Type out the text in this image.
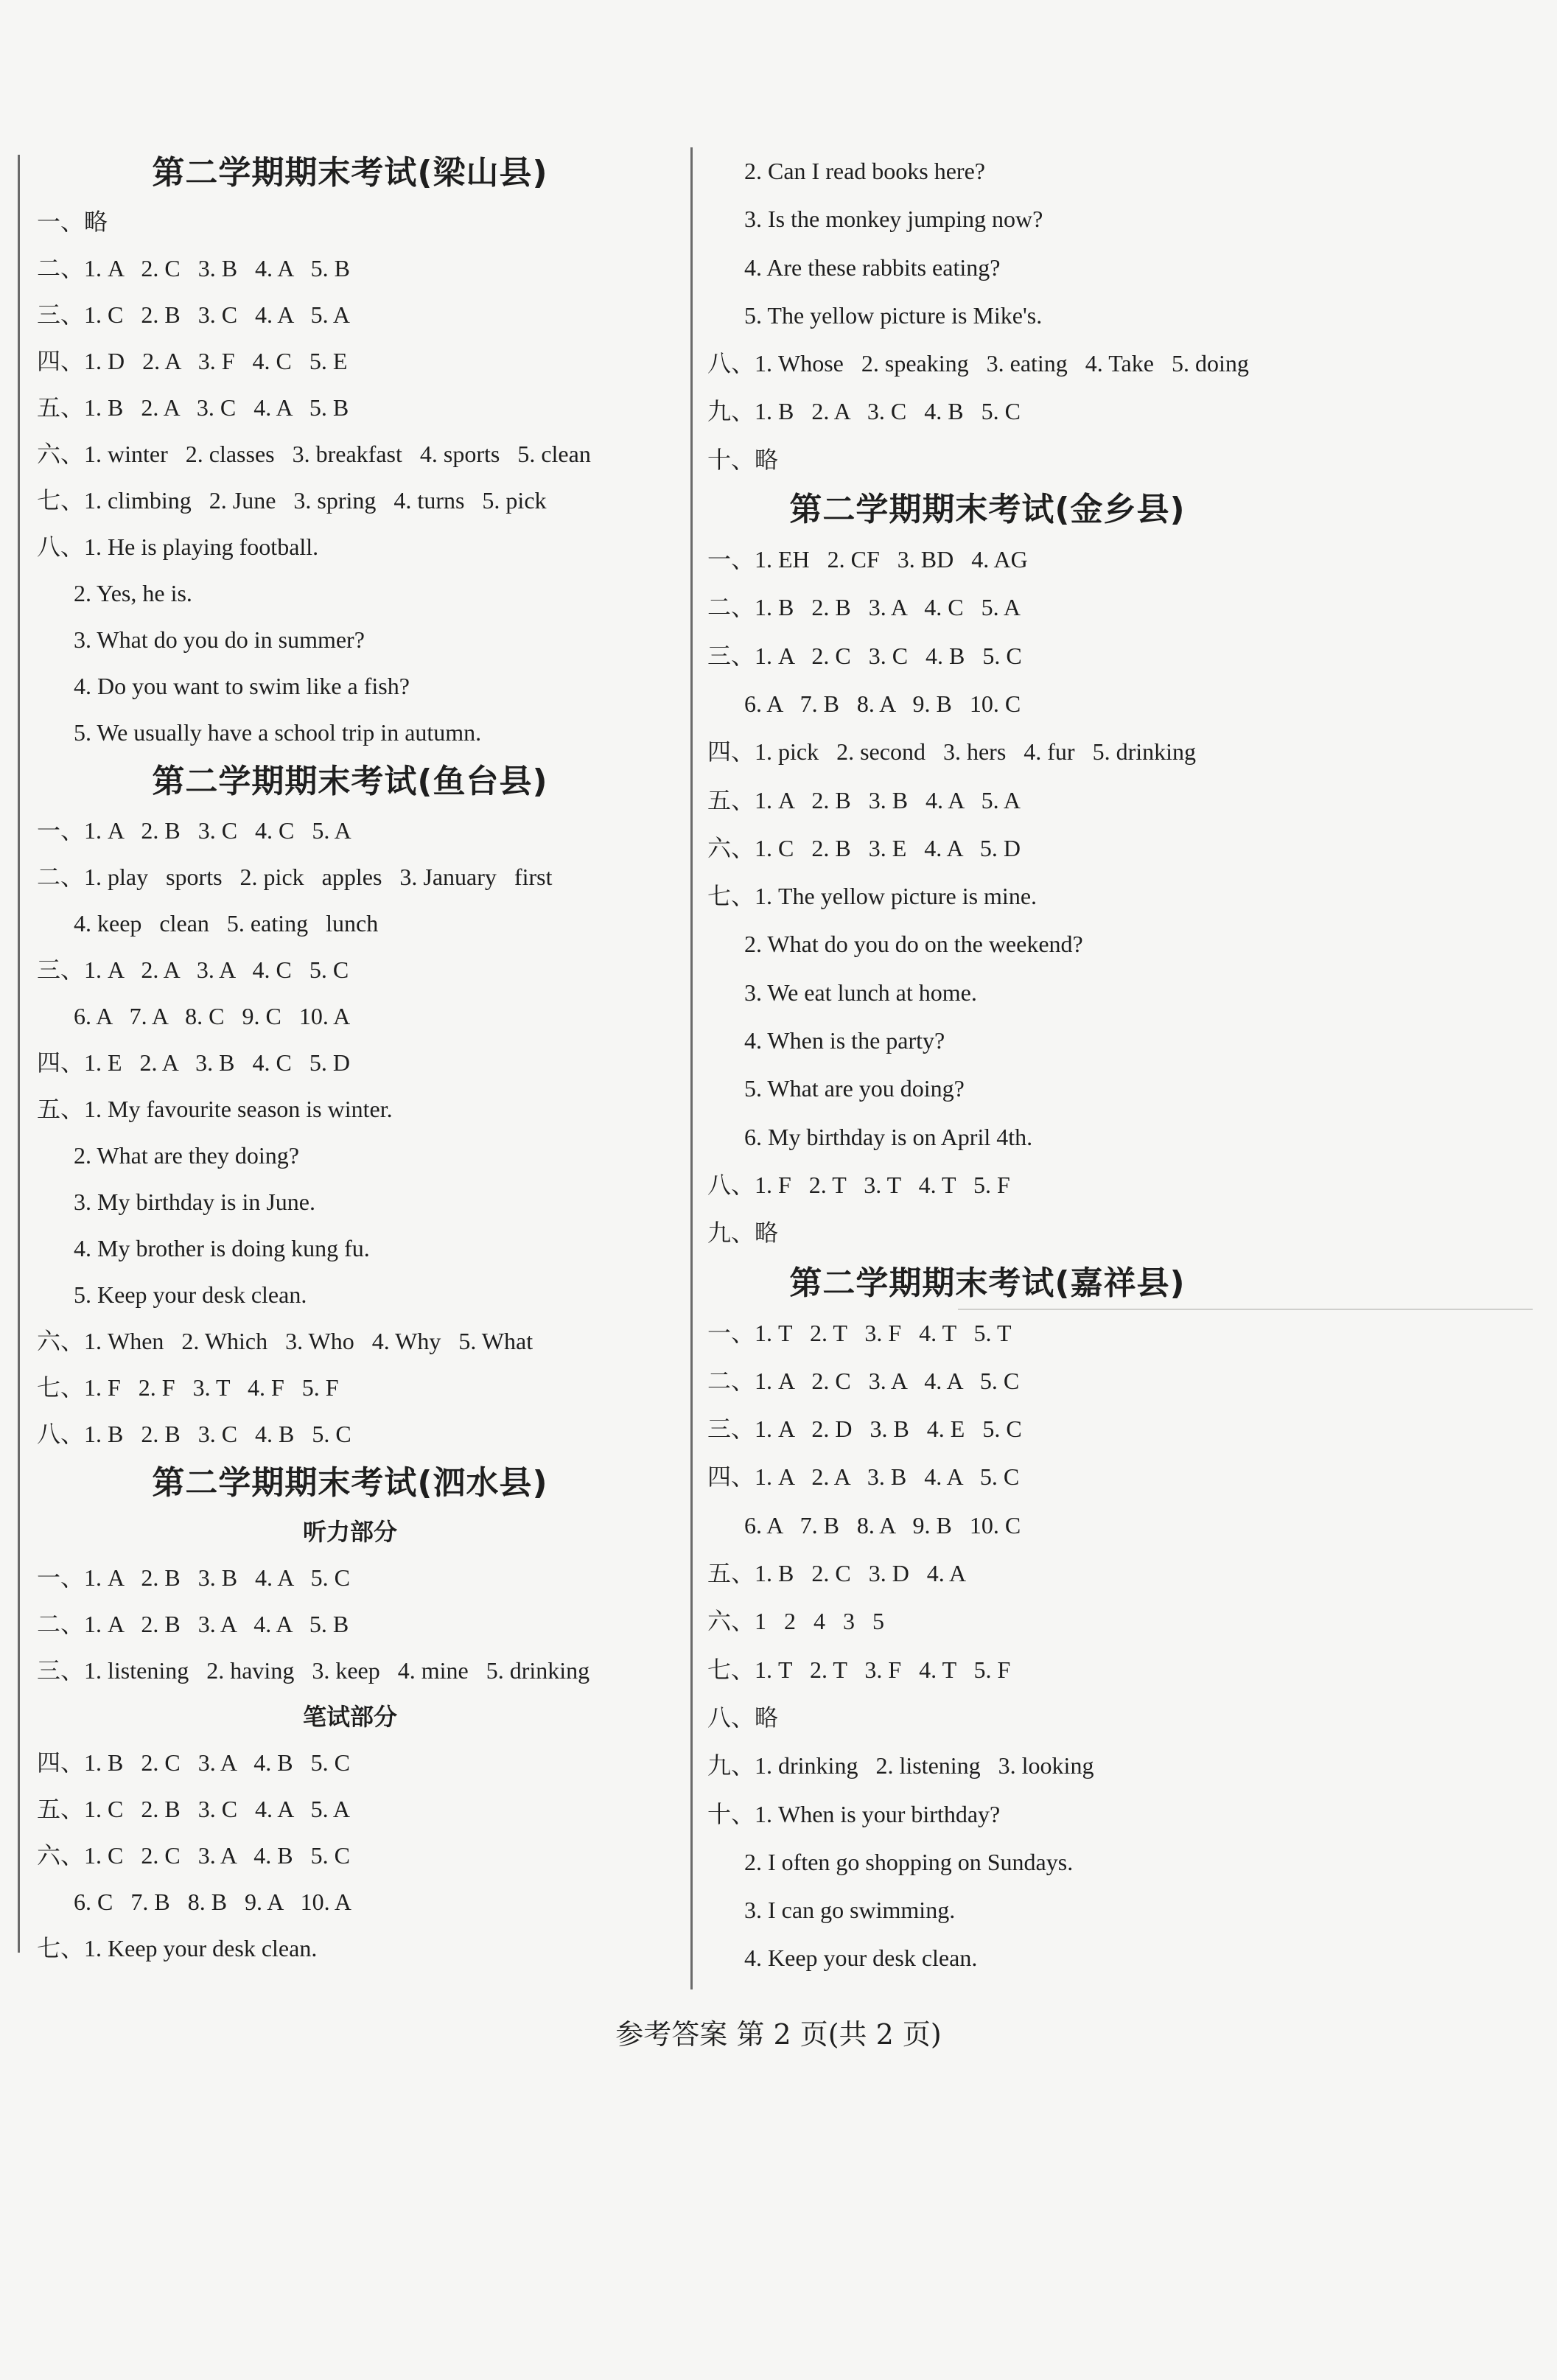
第二学期期末考试(梁山县)
一、略
二、1. A   2. C   3. B   4. A   5. B
三、1. C   2. B   3. C   4. A   5. A
四、1. D   2. A   3. F   4. C   5. E
五、1. B   2. A   3. C   4. A   5. B
六、1. winter   2. classes   3. breakfast   4. sports   5. clean
七、1. climbing   2. June   3. spring   4. turns   5. pick
八、1. He is playing football.
2. Yes, he is.
3. What do you do in summer?
4. Do you want to swim like a fish?
5. We usually have a school trip in autumn.
第二学期期末考试(鱼台县)
一、1. A   2. B   3. C   4. C   5. A
二、1. play   sports   2. pick   apples   3. January   first
4. keep   clean   5. eating   lunch
三、1. A   2. A   3. A   4. C   5. C
6. A   7. A   8. C   9. C   10. A
四、1. E   2. A   3. B   4. C   5. D
五、1. My favourite season is winter.
2. What are they doing?
3. My birthday is in June.
4. My brother is doing kung fu.
5. Keep your desk clean.
六、1. When   2. Which   3. Who   4. Why   5. What
七、1. F   2. F   3. T   4. F   5. F
八、1. B   2. B   3. C   4. B   5. C
第二学期期末考试(泗水县)
听力部分
一、1. A   2. B   3. B   4. A   5. C
二、1. A   2. B   3. A   4. A   5. B
三、1. listening   2. having   3. keep   4. mine   5. drinking
笔试部分
四、1. B   2. C   3. A   4. B   5. C
五、1. C   2. B   3. C   4. A   5. A
六、1. C   2. C   3. A   4. B   5. C
6. C   7. B   8. B   9. A   10. A
七、1. Keep your desk clean.
2. Can I read books here?
3. Is the monkey jumping now?
4. Are these rabbits eating?
5. The yellow picture is Mike's.
八、1. Whose   2. speaking   3. eating   4. Take   5. doing
九、1. B   2. A   3. C   4. B   5. C
十、略
第二学期期末考试(金乡县)
一、1. EH   2. CF   3. BD   4. AG
二、1. B   2. B   3. A   4. C   5. A
三、1. A   2. C   3. C   4. B   5. C
6. A   7. B   8. A   9. B   10. C
四、1. pick   2. second   3. hers   4. fur   5. drinking
五、1. A   2. B   3. B   4. A   5. A
六、1. C   2. B   3. E   4. A   5. D
七、1. The yellow picture is mine.
2. What do you do on the weekend?
3. We eat lunch at home.
4. When is the party?
5. What are you doing?
6. My birthday is on April 4th.
八、1. F   2. T   3. T   4. T   5. F
九、略
第二学期期末考试(嘉祥县)
一、1. T   2. T   3. F   4. T   5. T
二、1. A   2. C   3. A   4. A   5. C
三、1. A   2. D   3. B   4. E   5. C
四、1. A   2. A   3. B   4. A   5. C
6. A   7. B   8. A   9. B   10. C
五、1. B   2. C   3. D   4. A
六、1   2   4   3   5
七、1. T   2. T   3. F   4. T   5. F
八、略
九、1. drinking   2. listening   3. looking
十、1. When is your birthday?
2. I often go shopping on Sundays.
3. I can go swimming.
4. Keep your desk clean.
参考答案 第 2 页(共 2 页)
